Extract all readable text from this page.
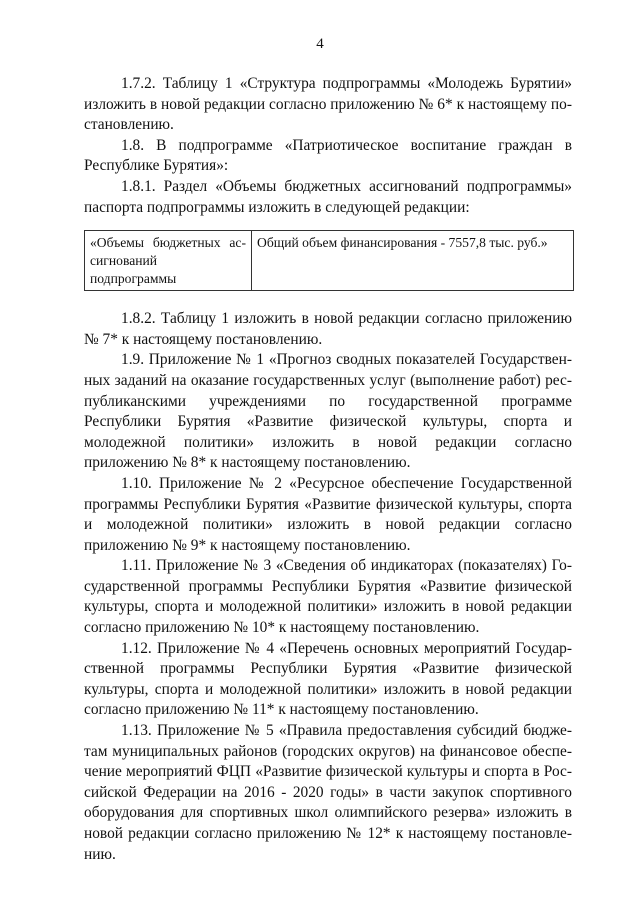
4

1.7.2. Таблицу 1 «Структура подпрограммы «Молодежь Бурятии» изложить в новой редакции согласно приложению № 6* к настоящему постановлению.

1.8. В подпрограмме «Патриотическое воспитание граждан в Республике Бурятия»:

1.8.1. Раздел «Объемы бюджетных ассигнований подпрограммы» паспорта подпрограммы изложить в следующей редакции:

«Объемы бюджетных ассигнований подпрограммы
Общий объем финансирования - 7557,8 тыс. руб.»

1.8.2. Таблицу 1 изложить в новой редакции согласно приложению № 7* к настоящему постановлению.

1.9. Приложение № 1 «Прогноз сводных показателей Государственных заданий на оказание государственных услуг (выполнение работ) республиканскими учреждениями по государственной программе Республики Бурятия «Развитие физической культуры, спорта и молодежной политики» изложить в новой редакции согласно приложению № 8* к настоящему постановлению.

1.10. Приложение № 2 «Ресурсное обеспечение Государственной программы Республики Бурятия «Развитие физической культуры, спорта и молодежной политики» изложить в новой редакции согласно приложению № 9* к настоящему постановлению.

1.11. Приложение № 3 «Сведения об индикаторах (показателях) Государственной программы Республики Бурятия «Развитие физической культуры, спорта и молодежной политики» изложить в новой редакции согласно приложению № 10* к настоящему постановлению.

1.12. Приложение № 4 «Перечень основных мероприятий Государственной программы Республики Бурятия «Развитие физической культуры, спорта и молодежной политики» изложить в новой редакции согласно приложению № 11* к настоящему постановлению.

1.13. Приложение № 5 «Правила предоставления субсидий бюджетам муниципальных районов (городских округов) на финансовое обеспечение мероприятий ФЦП «Развитие физической культуры и спорта в Российской Федерации на 2016 - 2020 годы» в части закупок спортивного оборудования для спортивных школ олимпийского резерва» изложить в новой редакции согласно приложению № 12* к настоящему постановлению.
